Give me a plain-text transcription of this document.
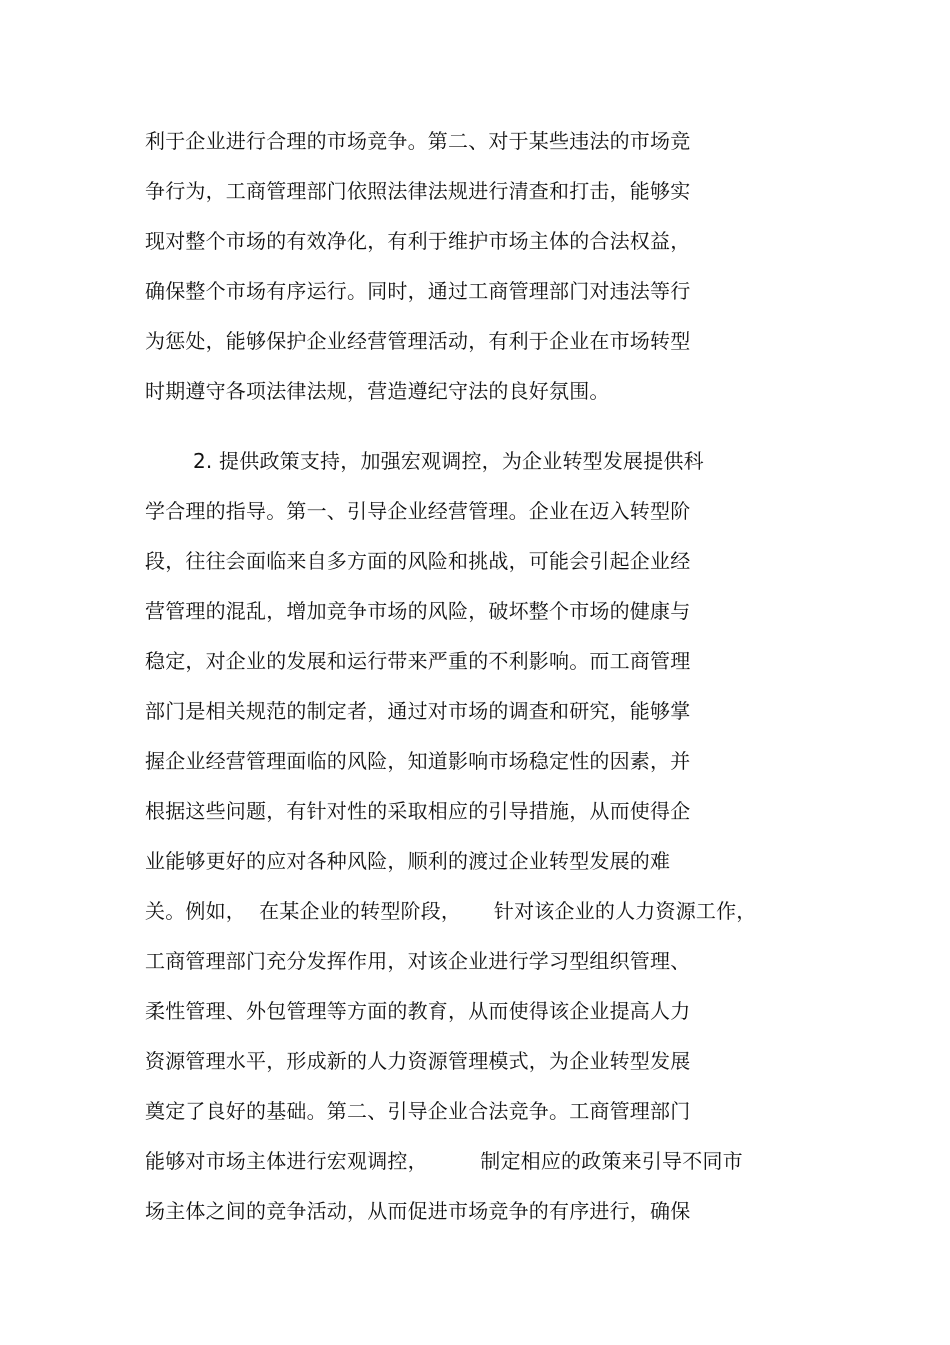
利于企业进行合理的市场竞争。第二、对于某些违法的市场竞
争行为，工商管理部门依照法律法规进行清查和打击，能够实
现对整个市场的有效净化，有利于维护市场主体的合法权益，
确保整个市场有序运行。同时，通过工商管理部门对违法等行
为惩处，能够保护企业经营管理活动，有利于企业在市场转型
时期遵守各项法律法规，营造遵纪守法的良好氛围。
2. 提供政策支持，加强宏观调控，为企业转型发展提供科
学合理的指导。第一、引导企业经营管理。企业在迈入转型阶
段，往往会面临来自多方面的风险和挑战，可能会引起企业经
营管理的混乱，增加竞争市场的风险，破坏整个市场的健康与
稳定，对企业的发展和运行带来严重的不利影响。而工商管理
部门是相关规范的制定者，通过对市场的调查和研究，能够掌
握企业经营管理面临的风险，知道影响市场稳定性的因素，并
根据这些问题，有针对性的采取相应的引导措施，从而使得企
业能够更好的应对各种风险，顺利的渡过企业转型发展的难
关。例如，  在某企业的转型阶段，     针对该企业的人力资源工作，
工商管理部门充分发挥作用，对该企业进行学习型组织管理、
柔性管理、外包管理等方面的教育，从而使得该企业提高人力
资源管理水平，形成新的人力资源管理模式，为企业转型发展
奠定了良好的基础。第二、引导企业合法竞争。工商管理部门
能够对市场主体进行宏观调控，        制定相应的政策来引导不同市
场主体之间的竞争活动，从而促进市场竞争的有序进行，确保
